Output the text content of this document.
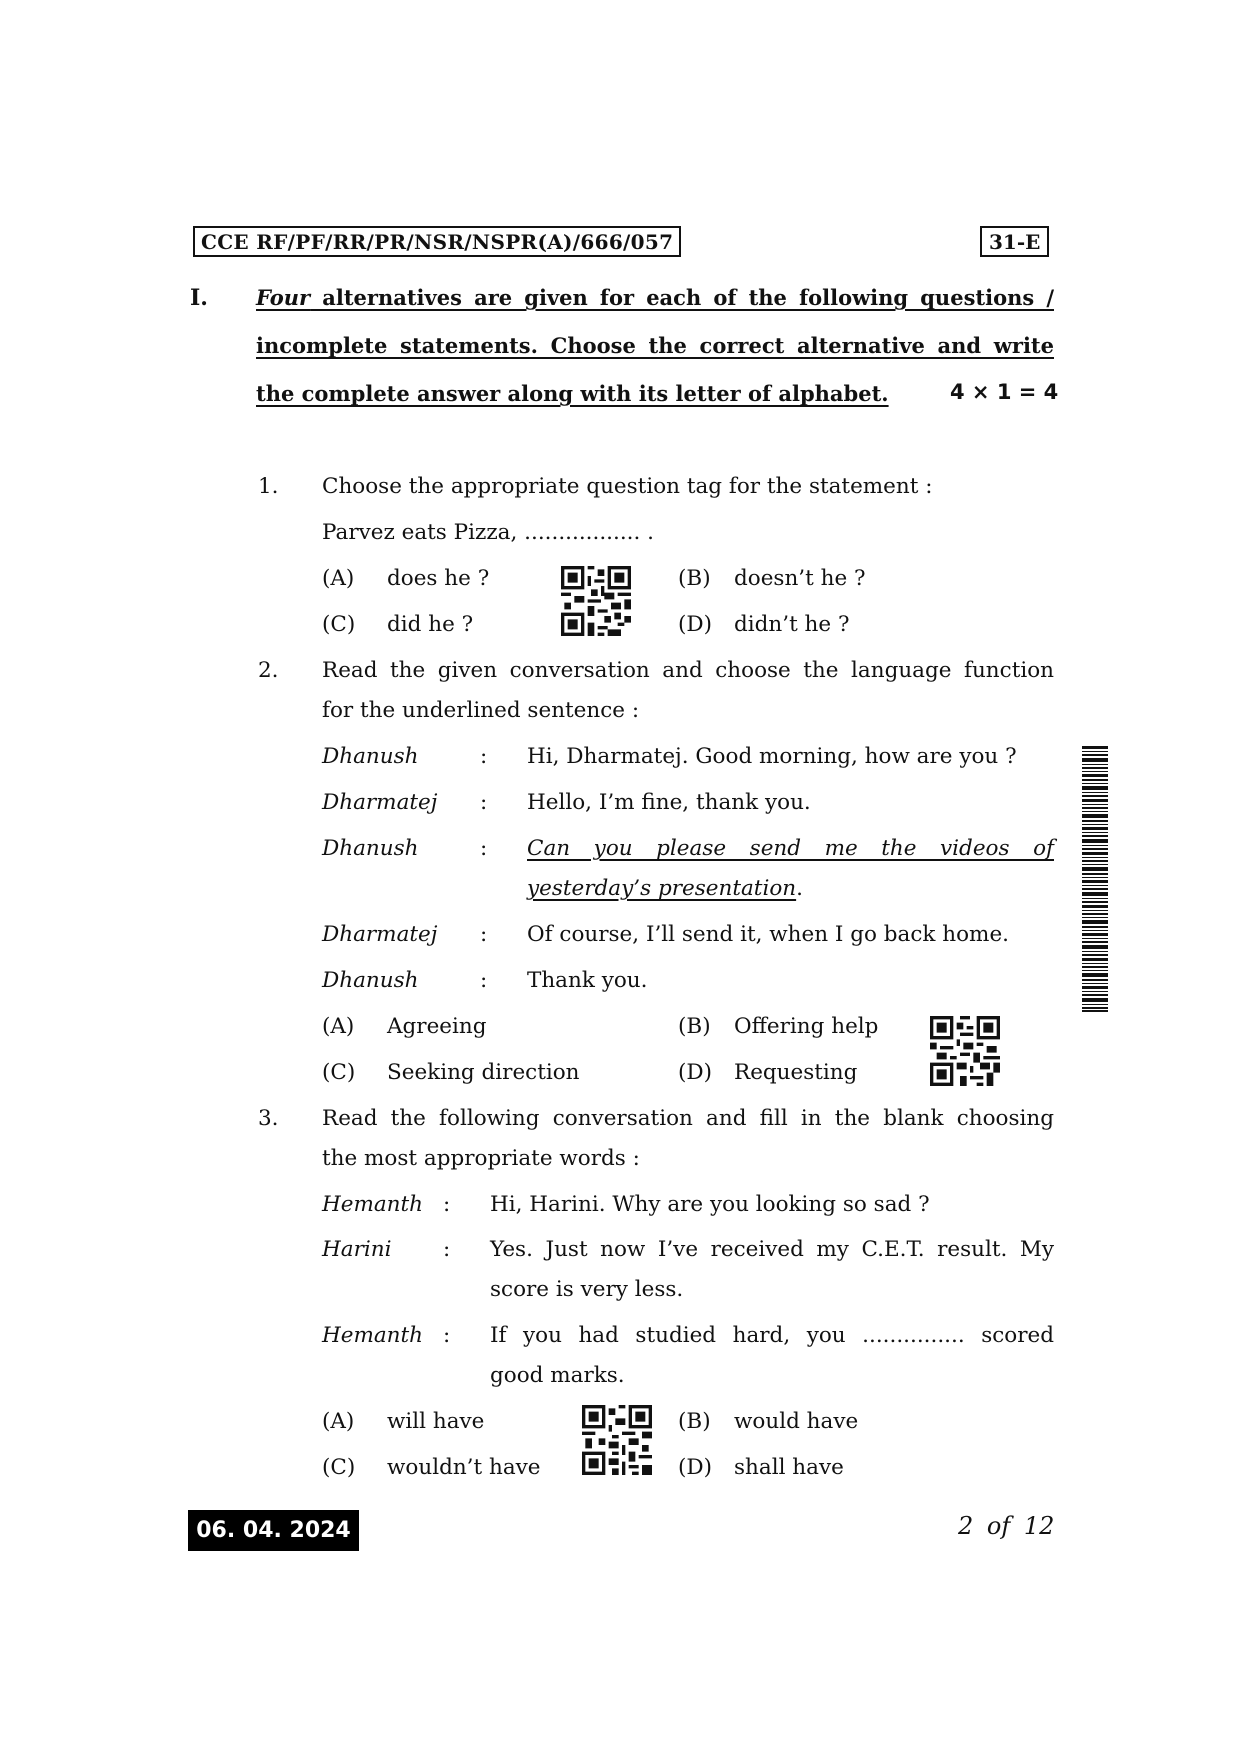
CCE RF/PF/RR/PR/NSR/NSPR(A)/666/057	31-E
I. Four alternatives are given for each of the following questions /
incomplete statements. Choose the correct alternative and write
the complete answer along with its letter of alphabet.	4 × 1 = 4
1. Choose the appropriate question tag for the statement :
Parvez eats Pizza, ................. .
(A) does he ?	(B) doesn’t he ?
(C) did he ?	(D) didn’t he ?
2. Read the given conversation and choose the language function
for the underlined sentence :
Dhanush	: Hi, Dharmatej. Good morning, how are you ?
Dharmatej : Hello, I’m fine, thank you.
Dhanush	: Can you please send me the videos of
yesterday’s presentation.
Dharmatej : Of course, I’ll send it, when I go back home.
Dhanush	: Thank you.
(A) Agreeing	(B) Offering help
(C) Seeking direction	(D) Requesting
3. Read the following conversation and fill in the blank choosing
the most appropriate words :
Hemanth : Hi, Harini. Why are you looking so sad ?
Harini : Yes. Just now I’ve received my C.E.T. result. My
score is very less.
Hemanth : If you had studied hard, you ............... scored
good marks.
(A) will have	(B) would have
(C) wouldn’t have	(D) shall have
06. 04. 2024	2 of 12
